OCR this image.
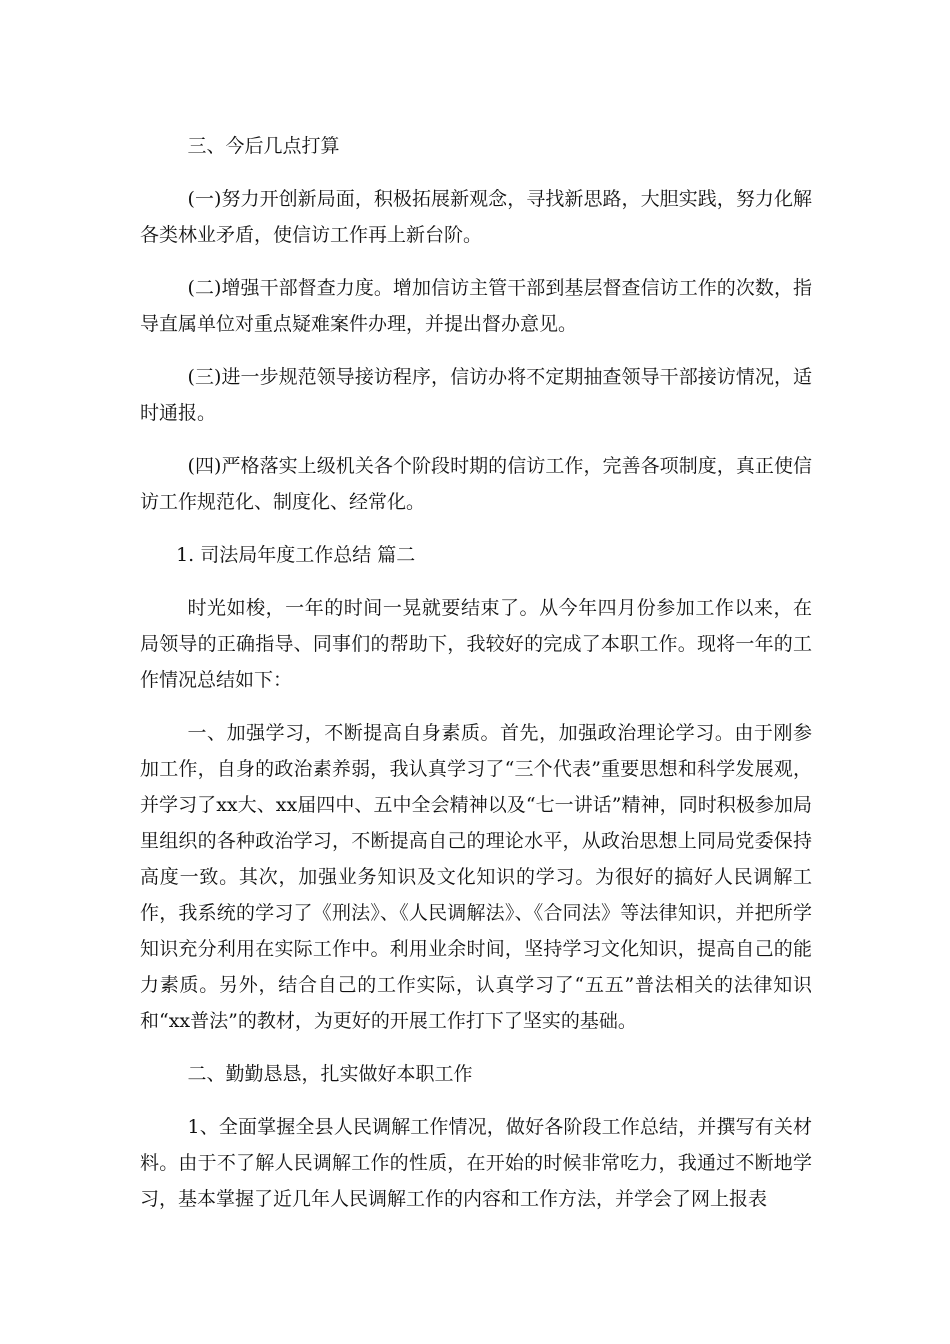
三、今后几点打算

(一)努力开创新局面，积极拓展新观念，寻找新思路，大胆实践，努力化解各类林业矛盾，使信访工作再上新台阶。

(二)增强干部督查力度。增加信访主管干部到基层督查信访工作的次数，指导直属单位对重点疑难案件办理，并提出督办意见。

(三)进一步规范领导接访程序，信访办将不定期抽查领导干部接访情况，适时通报。

(四)严格落实上级机关各个阶段时期的信访工作，完善各项制度，真正使信访工作规范化、制度化、经常化。

1. 司法局年度工作总结 篇二

时光如梭，一年的时间一晃就要结束了。从今年四月份参加工作以来，在局领导的正确指导、同事们的帮助下，我较好的完成了本职工作。现将一年的工作情况总结如下：

一、加强学习，不断提高自身素质。首先，加强政治理论学习。由于刚参加工作，自身的政治素养弱，我认真学习了“三个代表”重要思想和科学发展观，并学习了xx大、xx届四中、五中全会精神以及“七一讲话”精神，同时积极参加局里组织的各种政治学习，不断提高自己的理论水平，从政治思想上同局党委保持高度一致。其次，加强业务知识及文化知识的学习。为很好的搞好人民调解工作，我系统的学习了《刑法》、《人民调解法》、《合同法》等法律知识，并把所学知识充分利用在实际工作中。利用业余时间，坚持学习文化知识，提高自己的能力素质。另外，结合自己的工作实际，认真学习了“五五”普法相关的法律知识和“xx普法”的教材，为更好的开展工作打下了坚实的基础。

二、勤勤恳恳，扎实做好本职工作

1、全面掌握全县人民调解工作情况，做好各阶段工作总结，并撰写有关材料。由于不了解人民调解工作的性质，在开始的时候非常吃力，我通过不断地学习，基本掌握了近几年人民调解工作的内容和工作方法，并学会了网上报表
